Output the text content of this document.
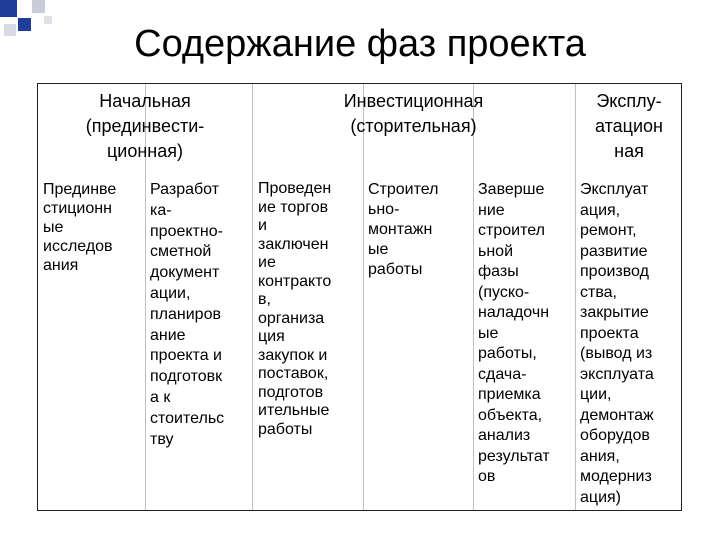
Содержание фаз проекта
Начальная
(прединвести-
ционная)
Инвестиционная
(сторительная)
Эксплу-
атацион
ная
Прединве
стиционн
ые
исследов
ания
Разработ
ка-
проектно-
сметной
документ
ации,
планиров
ание
проекта и
подготовк
а к
стоительс
тву
Проведен
ие торгов
и
заключен
ие
контракто
в,
организа
ция
закупок и
поставок,
подготов
ительные
работы
Строител
ьно-
монтажн
ые
работы
Заверше
ние
строител
ьной
фазы
(пуско-
наладочн
ые
работы,
сдача-
приемка
объекта,
анализ
результат
ов
Эксплуат
ация,
ремонт,
развитие
производ
ства,
закрытие
проекта
(вывод из
эксплуата
ции,
демонтаж
оборудов
ания,
модерниз
ация)
